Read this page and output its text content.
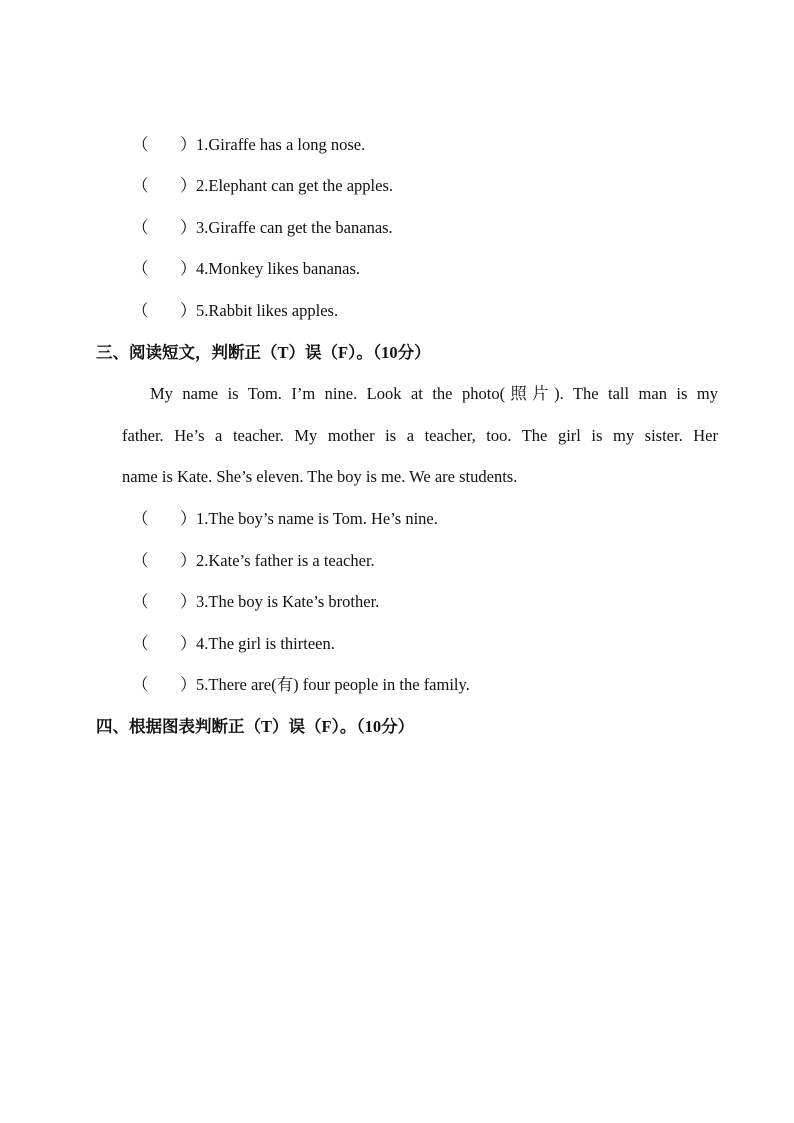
（ ） 1.Giraffe has a long nose.
（ ） 2.Elephant can get the apples.
（ ） 3.Giraffe can get the bananas.
（ ） 4.Monkey likes bananas.
（ ） 5.Rabbit likes apples.
三、阅读短文，判断正（T）误（F）。（10分）
My name is Tom. I’m nine. Look at the photo(照片). The tall man is my
father. He’s a teacher. My mother is a teacher, too. The girl is my sister. Her
name is Kate. She’s eleven. The boy is me. We are students.
（ ） 1.The boy’s name is Tom. He’s nine.
（ ） 2.Kate’s father is a teacher.
（ ） 3.The boy is Kate’s brother.
（ ） 4.The girl is thirteen.
（ ） 5.There are(有) four people in the family.
四、根据图表判断正（T）误（F）。（10分）
